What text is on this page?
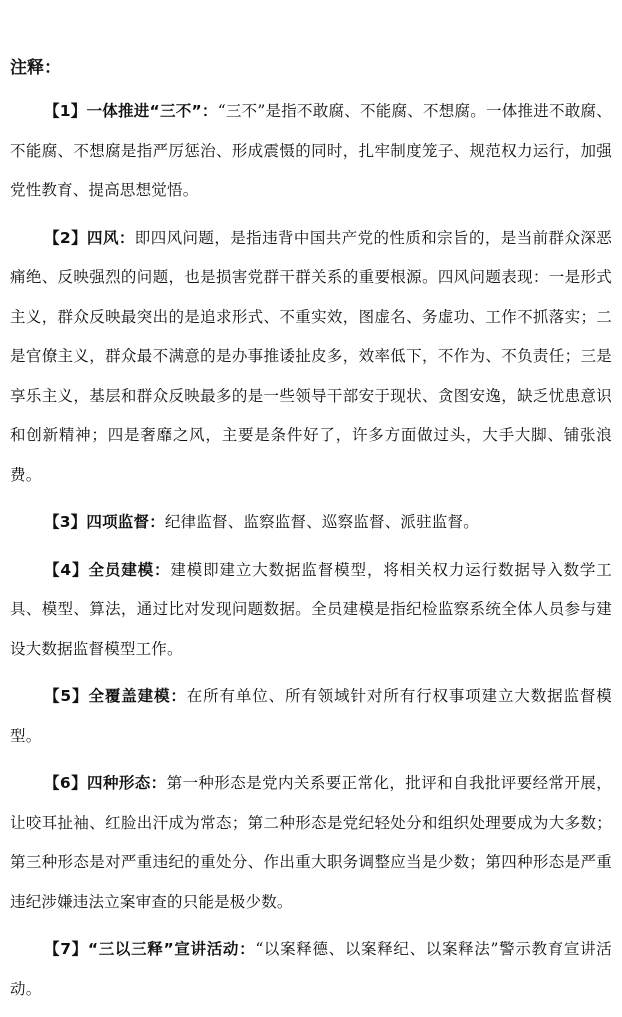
注释：

【1】一体推进“三不”：“三不”是指不敢腐、不能腐、不想腐。一体推进不敢腐、不能腐、不想腐是指严厉惩治、形成震慑的同时，扎牢制度笼子、规范权力运行，加强党性教育、提高思想觉悟。

【2】四风：即四风问题，是指违背中国共产党的性质和宗旨的，是当前群众深恶痛绝、反映强烈的问题，也是损害党群干群关系的重要根源。四风问题表现：一是形式主义，群众反映最突出的是追求形式、不重实效，图虚名、务虚功、工作不抓落实；二是官僚主义，群众最不满意的是办事推诿扯皮多，效率低下，不作为、不负责任；三是享乐主义，基层和群众反映最多的是一些领导干部安于现状、贪图安逸，缺乏忧患意识和创新精神；四是奢靡之风，主要是条件好了，许多方面做过头，大手大脚、铺张浪费。

【3】四项监督：纪律监督、监察监督、巡察监督、派驻监督。

【4】全员建模：建模即建立大数据监督模型，将相关权力运行数据导入数学工具、模型、算法，通过比对发现问题数据。全员建模是指纪检监察系统全体人员参与建设大数据监督模型工作。

【5】全覆盖建模：在所有单位、所有领域针对所有行权事项建立大数据监督模型。

【6】四种形态：第一种形态是党内关系要正常化，批评和自我批评要经常开展，让咬耳扯袖、红脸出汗成为常态；第二种形态是党纪轻处分和组织处理要成为大多数；第三种形态是对严重违纪的重处分、作出重大职务调整应当是少数；第四种形态是严重违纪涉嫌违法立案审查的只能是极少数。

【7】“三以三释”宣讲活动：“以案释德、以案释纪、以案释法”警示教育宣讲活动。
